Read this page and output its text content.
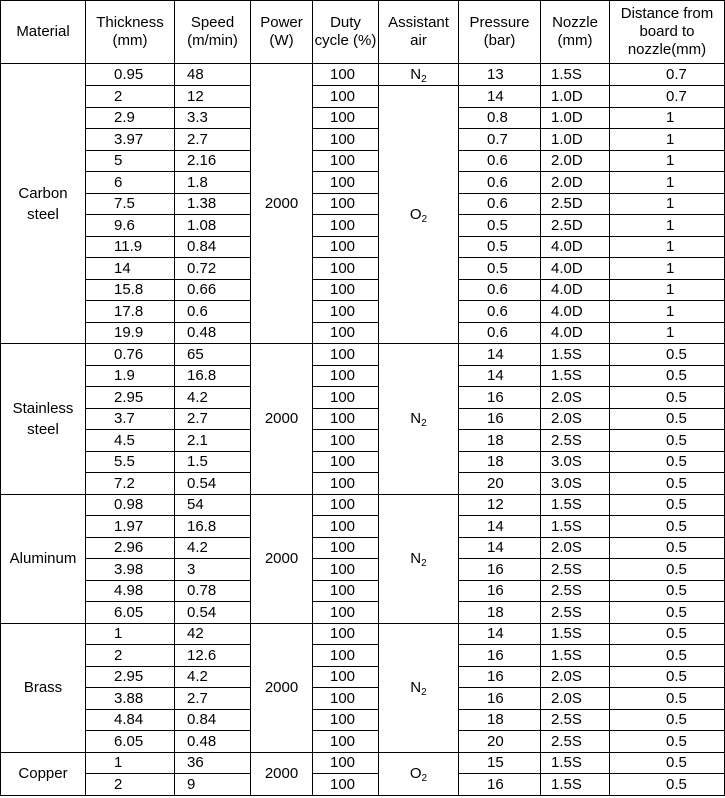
Material	Thickness (mm)	Speed (m/min)	Power (W)	Duty cycle (%)	Assistant air	Pressure (bar)	Nozzle (mm)	Distance from board to nozzle(mm)
Carbon steel	0.95	48	2000	100	$N_2$	13	1.5S	0.7
	2	12		100	$O_2$	14	1.0D	0.7
	2.9	3.3		100		0.8	1.0D	1
	3.97	2.7		100		0.7	1.0D	1
	5	2.16		100		0.6	2.0D	1
	6	1.8		100		0.6	2.0D	1
	7.5	1.38		100		0.6	2.5D	1
	9.6	1.08		100		0.5	2.5D	1
	11.9	0.84		100		0.5	4.0D	1
	14	0.72		100		0.5	4.0D	1
	15.8	0.66		100		0.6	4.0D	1
	17.8	0.6		100		0.6	4.0D	1
	19.9	0.48		100		0.6	4.0D	1
Stainless steel	0.76	65	2000	100	$N_2$	14	1.5S	0.5
	1.9	16.8		100		14	1.5S	0.5
	2.95	4.2		100		16	2.0S	0.5
	3.7	2.7		100		16	2.0S	0.5
	4.5	2.1		100		18	2.5S	0.5
	5.5	1.5		100		18	3.0S	0.5
	7.2	0.54		100		20	3.0S	0.5
Aluminum	0.98	54	2000	100	$N_2$	12	1.5S	0.5
	1.97	16.8		100		14	1.5S	0.5
	2.96	4.2		100		14	2.0S	0.5
	3.98	3		100		16	2.5S	0.5
	4.98	0.78		100		16	2.5S	0.5
	6.05	0.54		100		18	2.5S	0.5
Brass	1	42	2000	100	$N_2$	14	1.5S	0.5
	2	12.6		100		16	1.5S	0.5
	2.95	4.2		100		16	2.0S	0.5
	3.88	2.7		100		16	2.0S	0.5
	4.84	0.84		100		18	2.5S	0.5
	6.05	0.48		100		20	2.5S	0.5
Copper	1	36	2000	100	$O_2$	15	1.5S	0.5
	2	9		100		16	1.5S	0.5
